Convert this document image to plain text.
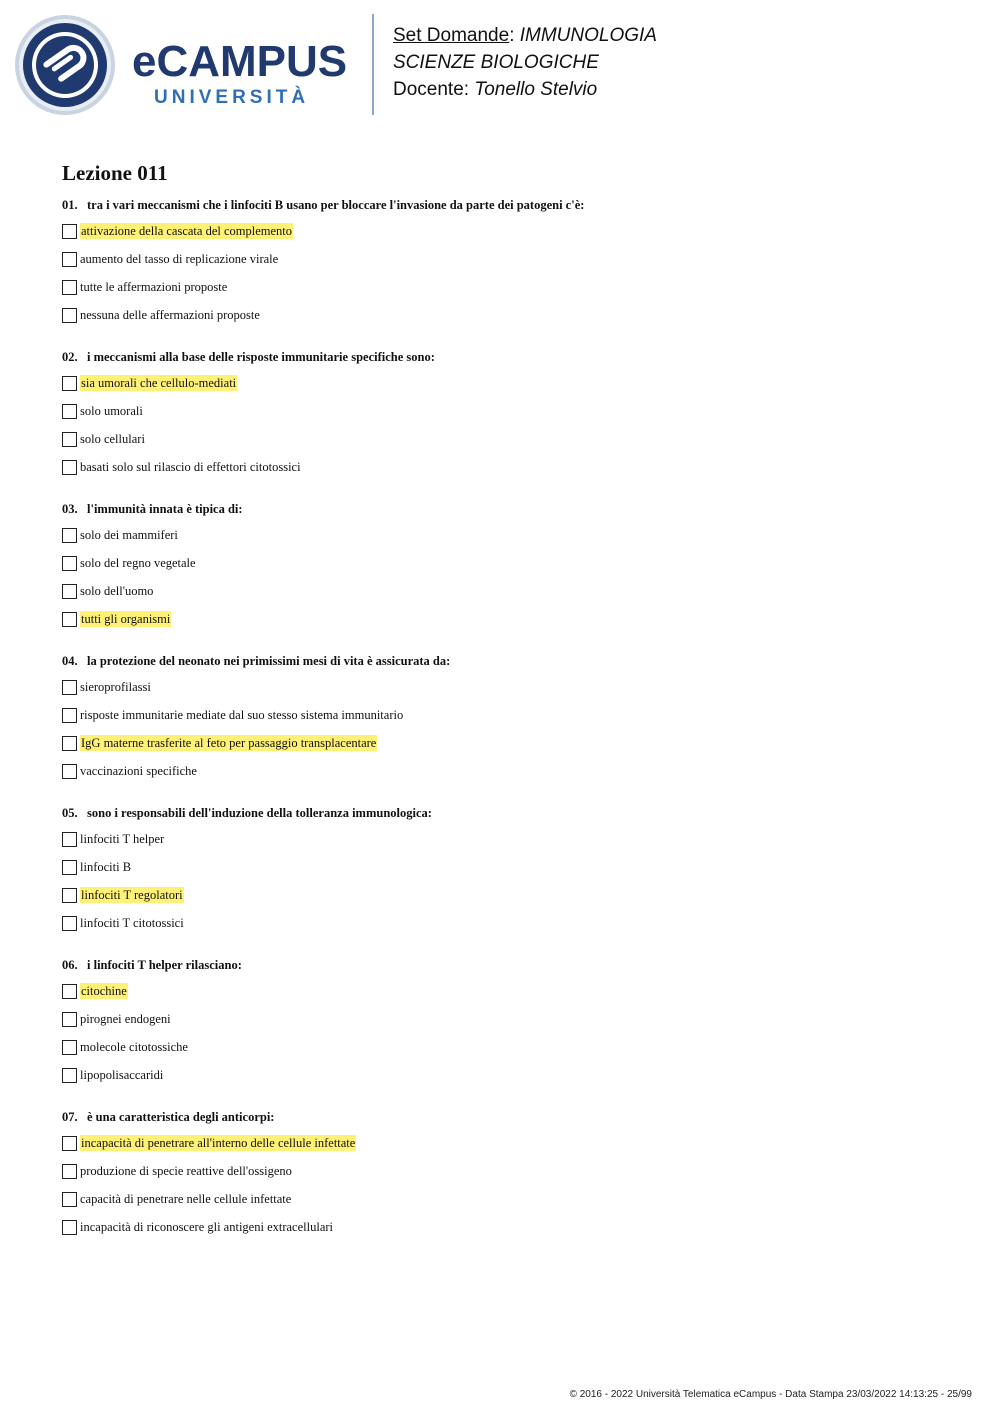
eCAMPUS
UNIVERSITÀ
Set Domande: IMMUNOLOGIA
SCIENZE BIOLOGICHE
Docente: Tonello Stelvio
Lezione 011
01. tra i vari meccanismi che i linfociti B usano per bloccare l'invasione da parte dei patogeni c'è:
attivazione della cascata del complemento
aumento del tasso di replicazione virale
tutte le affermazioni proposte
nessuna delle affermazioni proposte
02. i meccanismi alla base delle risposte immunitarie specifiche sono:
sia umorali che cellulo-mediati
solo umorali
solo cellulari
basati solo sul rilascio di effettori citotossici
03. l'immunità innata è tipica di:
solo dei mammiferi
solo del regno vegetale
solo dell'uomo
tutti gli organismi
04. la protezione del neonato nei primissimi mesi di vita è assicurata da:
sieroprofilassi
risposte immunitarie mediate dal suo stesso sistema immunitario
IgG materne trasferite al feto per passaggio transplacentare
vaccinazioni specifiche
05. sono i responsabili dell'induzione della tolleranza immunologica:
linfociti T helper
linfociti B
linfociti T regolatori
linfociti T citotossici
06. i linfociti T helper rilasciano:
citochine
pirognei endogeni
molecole citotossiche
lipopolisaccaridi
07. è una caratteristica degli anticorpi:
incapacità di penetrare all'interno delle cellule infettate
produzione di specie reattive dell'ossigeno
capacità di penetrare nelle cellule infettate
incapacità di riconoscere gli antigeni extracellulari
© 2016 - 2022 Università Telematica eCampus - Data Stampa 23/03/2022 14:13:25 - 25/99
